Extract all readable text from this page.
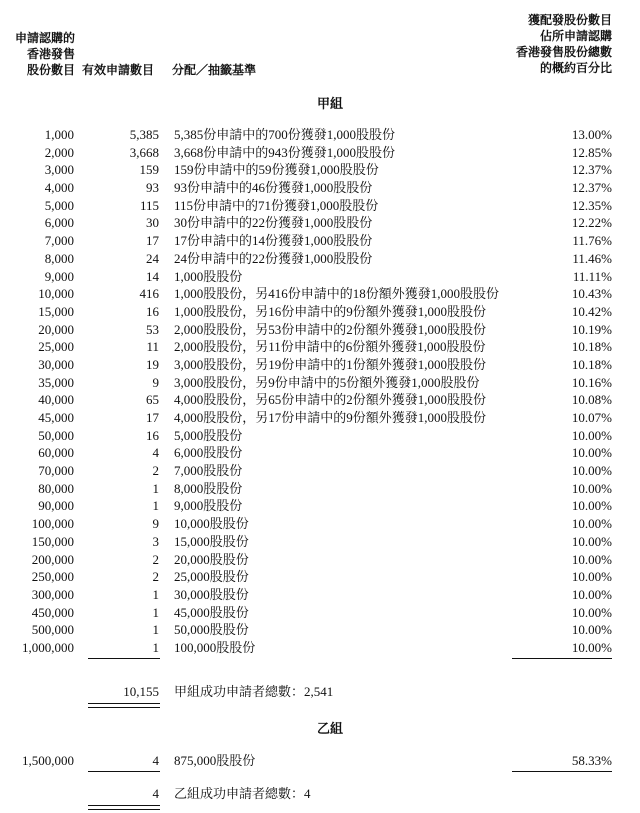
申請認購的
香港發售
股份數目 有效申請數目	分配／抽籤基準
獲配發股份數目
佔所申請認購
香港發售股份總數
的概約百分比
甲組
1,000	5,385 5,385份申請中的700份獲發1,000股股份	13.00%
2,000	3,668 3,668份申請中的943份獲發1,000股股份	12.85%
3,000	159 159份申請中的59份獲發1,000股股份	12.37%
4,000	93 93份申請中的46份獲發1,000股股份	12.37%
5,000	115 115份申請中的71份獲發1,000股股份	12.35%
6,000	30 30份申請中的22份獲發1,000股股份	12.22%
7,000	17 17份申請中的14份獲發1,000股股份	11.76%
8,000	24 24份申請中的22份獲發1,000股股份	11.46%
9,000	14 1,000股股份	11.11%
10,000	416 1,000股股份，另416份申請中的18份額外獲發1,000股股份	10.43%
15,000	16 1,000股股份，另16份申請中的9份額外獲發1,000股股份	10.42%
20,000	53 2,000股股份，另53份申請中的2份額外獲發1,000股股份	10.19%
25,000	11 2,000股股份，另11份申請中的6份額外獲發1,000股股份	10.18%
30,000	19 3,000股股份，另19份申請中的1份額外獲發1,000股股份	10.18%
35,000	9 3,000股股份，另9份申請中的5份額外獲發1,000股股份	10.16%
40,000	65 4,000股股份，另65份申請中的2份額外獲發1,000股股份	10.08%
45,000	17 4,000股股份，另17份申請中的9份額外獲發1,000股股份	10.07%
50,000	16 5,000股股份	10.00%
60,000	4 6,000股股份	10.00%
70,000	2 7,000股股份	10.00%
80,000	1 8,000股股份	10.00%
90,000	1 9,000股股份	10.00%
100,000	9 10,000股股份	10.00%
150,000	3 15,000股股份	10.00%
200,000	2 20,000股股份	10.00%
250,000	2 25,000股股份	10.00%
300,000	1 30,000股股份	10.00%
450,000	1 45,000股股份	10.00%
500,000	1 50,000股股份	10.00%
1,000,000	1 100,000股股份	10.00%
10,155 甲組成功申請者總數：2,541
乙組
1,500,000	4 875,000股股份	58.33%
4 乙組成功申請者總數：4
